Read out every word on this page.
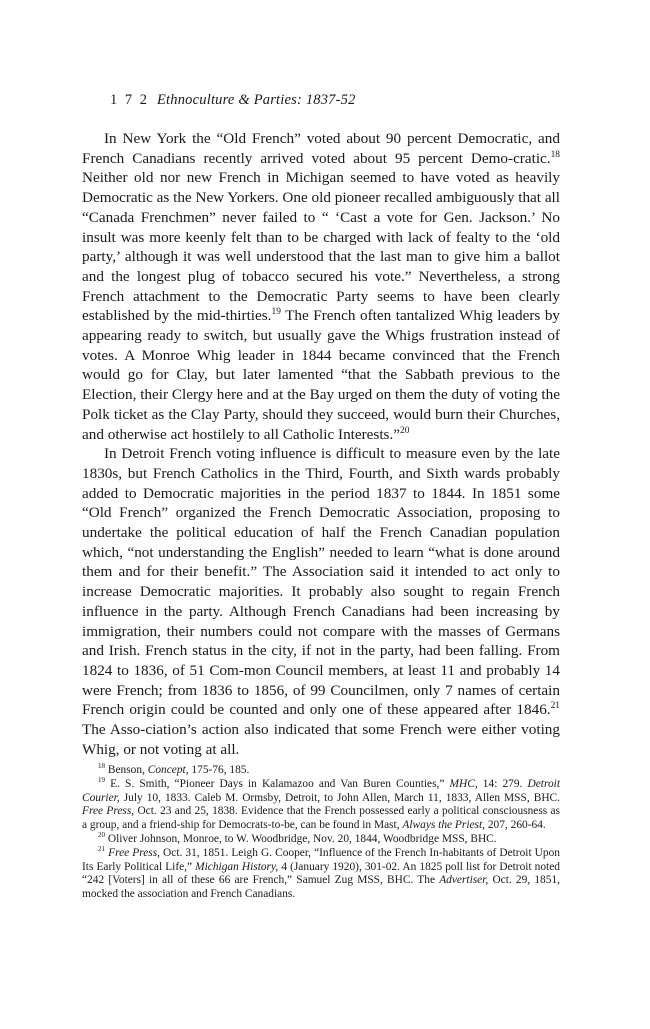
1 7 2 Ethnoculture & Parties: 1837-52

In New York the “Old French” voted about 90 percent Democratic, and French Canadians recently arrived voted about 95 percent Demo-cratic.$^{18}$ Neither old nor new French in Michigan seemed to have voted as heavily Democratic as the New Yorkers. One old pioneer recalled ambiguously that all “Canada Frenchmen” never failed to “ ‘Cast a vote for Gen. Jackson.’ No insult was more keenly felt than to be charged with lack of fealty to the ‘old party,’ although it was well understood that the last man to give him a ballot and the longest plug of tobacco secured his vote.” Nevertheless, a strong French attachment to the Democratic Party seems to have been clearly established by the mid-thirties.$^{19}$ The French often tantalized Whig leaders by appearing ready to switch, but usually gave the Whigs frustration instead of votes. A Monroe Whig leader in 1844 became convinced that the French would go for Clay, but later lamented “that the Sabbath previous to the Election, their Clergy here and at the Bay urged on them the duty of voting the Polk ticket as the Clay Party, should they succeed, would burn their Churches, and otherwise act hostilely to all Catholic Interests.”$^{20}$

In Detroit French voting influence is difficult to measure even by the late 1830s, but French Catholics in the Third, Fourth, and Sixth wards probably added to Democratic majorities in the period 1837 to 1844. In 1851 some “Old French” organized the French Democratic Association, proposing to undertake the political education of half the French Canadian population which, “not understanding the English” needed to learn “what is done around them and for their benefit.” The Association said it intended to act only to increase Democratic majorities. It probably also sought to regain French influence in the party. Although French Canadians had been increasing by immigration, their numbers could not compare with the masses of Germans and Irish. French status in the city, if not in the party, had been falling. From 1824 to 1836, of 51 Com-mon Council members, at least 11 and probably 14 were French; from 1836 to 1856, of 99 Councilmen, only 7 names of certain French origin could be counted and only one of these appeared after 1846.21 The Asso-ciation’s action also indicated that some French were either voting Whig, or not voting at all.

$^{18}$ Benson, Concept, 175-76, 185.

$^{19}$ E. S. Smith, “Pioneer Days in Kalamazoo and Van Buren Counties,” MHC, 14: 279. Detroit Courier, July 10, 1833. Caleb M. Ormsby, Detroit, to John Allen, March 11, 1833, Allen MSS, BHC. Free Press, Oct. 23 and 25, 1838. Evidence that the French possessed early a political consciousness as a group, and a friend-ship for Democrats-to-be, can be found in Mast, Always the Priest, 207, 260-64.

$^{20}$ Oliver Johnson, Monroe, to W. Woodbridge, Nov. 20, 1844, Woodbridge MSS, BHC.

$^{21}$ Free Press, Oct. 31, 1851. Leigh G. Cooper, “Influence of the French In-habitants of Detroit Upon Its Early Political Life,” Michigan History, 4 (January 1920), 301-02. An 1825 poll list for Detroit noted “242 [Voters] in all of these 66 are French,” Samuel Zug MSS, BHC. The Advertiser, Oct. 29, 1851, mocked the association and French Canadians.
